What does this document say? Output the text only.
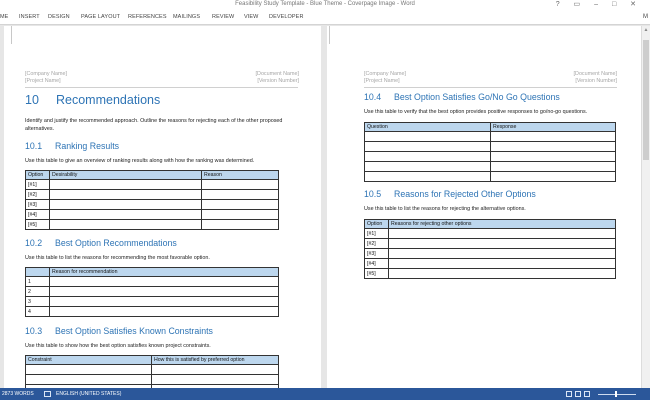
Feasibility Study Template - Blue Theme - Coverpage Image - Word	? ▭ – □ ✕
ME INSERT DESIGN PAGE LAYOUT REFERENCES MAILINGS REVIEW VIEW DEVELOPER	M
[Company Name]
[Project Name]
[Document Name]
[Version Number]
10 Recommendations
Identify and justify the recommended approach. Outline the reasons for rejecting each of the other proposed alternatives.
10.1 Ranking Results
Use this table to give an overview of ranking results along with how the ranking was determined.
Option	Desirability	Reason
[#1]		
[#2]		
[#3]		
[#4]		
[#5]		
10.2 Best Option Recommendations
Use this table to list the reasons for recommending the most favorable option.
	Reason for recommendation
1	
2	
3	
4	
10.3 Best Option Satisfies Known Constraints
Use this table to show how the best option satisfies known project constraints.
Constraint	How this is satisfied by preferred option

[Company Name]
[Project Name]
[Document Name]
[Version Number]
10.4 Best Option Satisfies Go/No Go Questions
Use this table to verify that the best option provides positive responses to go/no-go questions.
Question	Response

10.5 Reasons for Rejected Other Options
Use this table to list the reasons for rejecting the alternative options.
Option	Reasons for rejecting other options
[#1]	
[#2]	
[#3]	
[#4]	
[#5]	
▲
2873 WORDS	ENGLISH (UNITED STATES)
